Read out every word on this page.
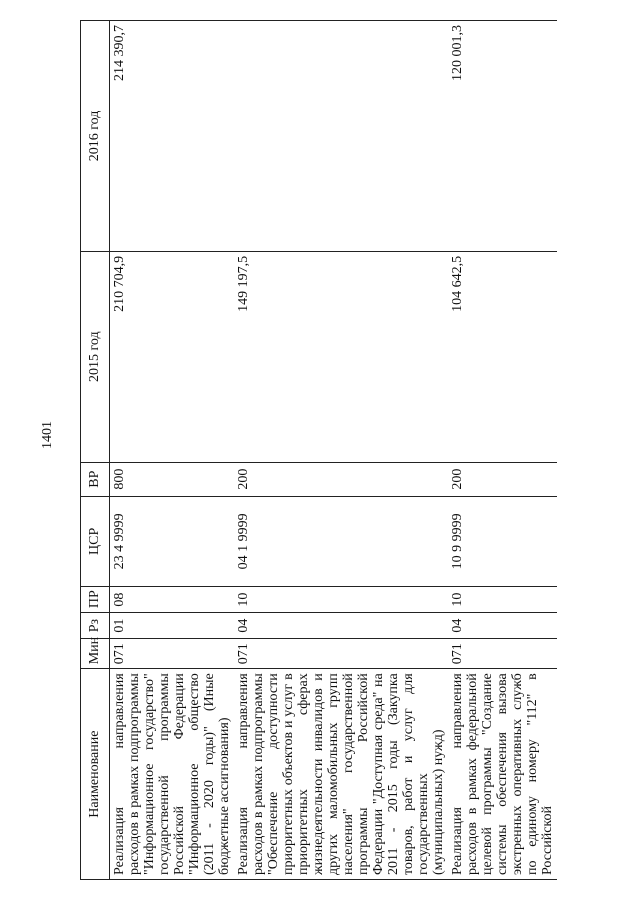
1401
Наименование	Мин	Рз	ПР	ЦСР	ВР	2015 год	2016 год
Реализация направления расходов в рамках подпрограммы "Информационное государство" государственной программы Российской Федерации "Информационное общество (2011 - 2020 годы)" (Иные бюджетные ассигнования)	071	01	08	23 4 9999	800	210 704,9	214 390,7
Реализация направления расходов в рамках подпрограммы "Обеспечение доступности приоритетных объектов и услуг в приоритетных сферах жизнедеятельности инвалидов и других маломобильных групп населения" государственной программы Российской Федерации "Доступная среда" на 2011 - 2015 годы (Закупка товаров, работ и услуг для государственных (муниципальных) нужд)	071	04	10	04 1 9999	200	149 197,5	
Реализация направления расходов в рамках федеральной целевой программы "Создание системы обеспечения вызова экстренных оперативных служб по единому номеру "112" в Российской	071	04	10	10 9 9999	200	104 642,5	120 001,3
